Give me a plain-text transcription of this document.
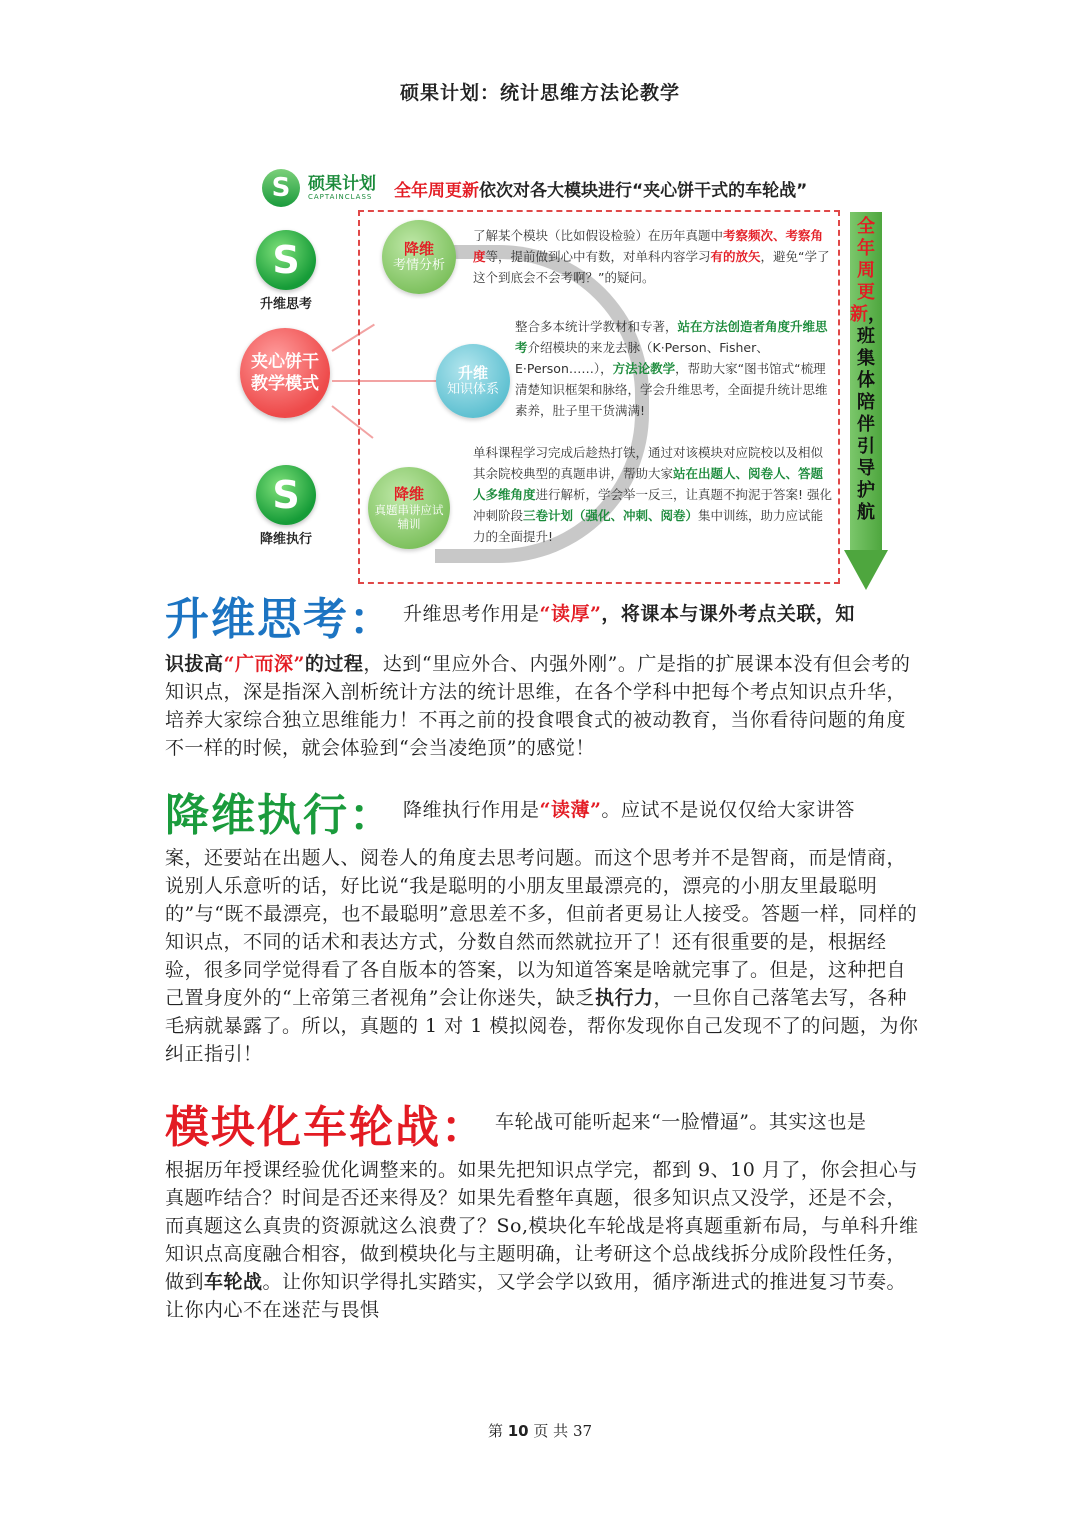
硕果计划：统计思维方法论教学
S
硕果计划
CAPTAINCLASS 全年周更新依次对各大模块进行“夹心饼干式的车轮战”
S
升维思考
夹心饼干教学模式
S
降维执行
降维
考情分析
升维
知识体系
降维
真题串讲应试辅训
了解某个模块（比如假设检验）在历年真题中考察频次、考察角度等，提前做到心中有数，对单科内容学习有的放矢，避免“学了这个到底会不会考啊？”的疑问。
整合多本统计学教材和专著，站在方法创造者角度升维思考介绍模块的来龙去脉（K·Person、Fisher、E·Person……），方法论教学，帮助大家“图书馆式“梳理清楚知识框架和脉络，学会升维思考，全面提升统计思维素养，肚子里干货满满!
单科课程学习完成后趁热打铁，通过对该模块对应院校以及相似其余院校典型的真题串讲，帮助大家站在出题人、阅卷人、答题人多维角度进行解析，学会举一反三，让真题不拘泥于答案! 强化冲刺阶段三卷计划（强化、冲刺、阅卷）集中训练，助力应试能力的全面提升!
全年周更新，班集体陪伴引导护航
升维思考： 升维思考作用是“读厚”，将课本与课外考点关联，知
识拔高“广而深”的过程，达到“里应外合、内强外刚”。广是指的扩展课本没有但会考的知识点，深是指深入剖析统计方法的统计思维，在各个学科中把每个考点知识点升华，培养大家综合独立思维能力！不再之前的投食喂食式的被动教育，当你看待问题的角度不一样的时候，就会体验到“会当凌绝顶”的感觉！
降维执行： 降维执行作用是“读薄”。应试不是说仅仅给大家讲答
案，还要站在出题人、阅卷人的角度去思考问题。而这个思考并不是智商，而是情商，说别人乐意听的话，好比说“我是聪明的小朋友里最漂亮的，漂亮的小朋友里最聪明的”与“既不最漂亮，也不最聪明”意思差不多，但前者更易让人接受。答题一样，同样的知识点，不同的话术和表达方式，分数自然而然就拉开了！还有很重要的是，根据经验，很多同学觉得看了各自版本的答案，以为知道答案是啥就完事了。但是，这种把自己置身度外的“上帝第三者视角”会让你迷失，缺乏执行力，一旦你自己落笔去写，各种毛病就暴露了。所以，真题的 1 对 1 模拟阅卷，帮你发现你自己发现不了的问题，为你纠正指引！
模块化车轮战： 车轮战可能听起来“一脸懵逼”。其实这也是
根据历年授课经验优化调整来的。如果先把知识点学完，都到 9、10 月了，你会担心与真题咋结合？时间是否还来得及？如果先看整年真题，很多知识点又没学，还是不会，而真题这么真贵的资源就这么浪费了？So,模块化车轮战是将真题重新布局，与单科升维知识点高度融合相容，做到模块化与主题明确，让考研这个总战线拆分成阶段性任务，做到车轮战。让你知识学得扎实踏实，又学会学以致用，循序渐进式的推进复习节奏。让你内心不在迷茫与畏惧
第 10 页 共 37
